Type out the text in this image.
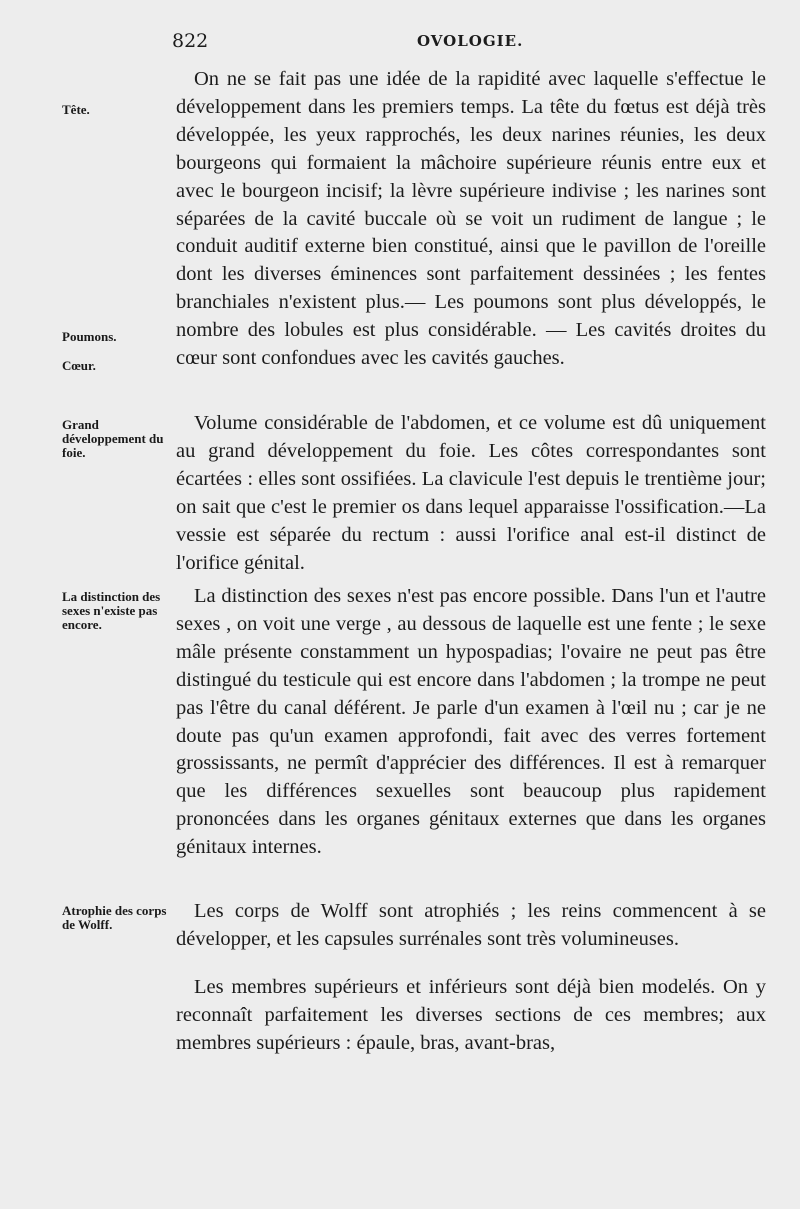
822	OVOLOGIE.
Tête.
Poumons.
Cœur.
Grand développement du foie.
La distinction des sexes n'existe pas encore.
Atrophie des corps de Wolff.

On ne se fait pas une idée de la rapidité avec laquelle s'effectue le développement dans les premiers temps. La tête du fœtus est déjà très développée, les yeux rapprochés, les deux narines réunies, les deux bourgeons qui formaient la mâchoire supérieure réunis entre eux et avec le bourgeon incisif; la lèvre supérieure indivise ; les narines sont séparées de la cavité buccale où se voit un rudiment de langue ; le conduit auditif externe bien constitué, ainsi que le pavillon de l'oreille dont les diverses éminences sont parfaitement dessinées ; les fentes branchiales n'existent plus.— Les poumons sont plus développés, le nombre des lobules est plus considérable. — Les cavités droites du cœur sont confondues avec les cavités gauches.

Volume considérable de l'abdomen, et ce volume est dû uniquement au grand développement du foie. Les côtes correspondantes sont écartées : elles sont ossifiées. La clavicule l'est depuis le trentième jour; on sait que c'est le premier os dans lequel apparaisse l'ossification.—La vessie est séparée du rectum : aussi l'orifice anal est-il distinct de l'orifice génital.

La distinction des sexes n'est pas encore possible. Dans l'un et l'autre sexes , on voit une verge , au dessous de laquelle est une fente ; le sexe mâle présente constamment un hypospadias; l'ovaire ne peut pas être distingué du testicule qui est encore dans l'abdomen ; la trompe ne peut pas l'être du canal déférent. Je parle d'un examen à l'œil nu ; car je ne doute pas qu'un examen approfondi, fait avec des verres fortement grossissants, ne permît d'apprécier des différences. Il est à remarquer que les différences sexuelles sont beaucoup plus rapidement prononcées dans les organes génitaux externes que dans les organes génitaux internes.

Les corps de Wolff sont atrophiés ; les reins commencent à se développer, et les capsules surrénales sont très volumineuses.

Les membres supérieurs et inférieurs sont déjà bien modelés. On y reconnaît parfaitement les diverses sections de ces membres; aux membres supérieurs : épaule, bras, avant-bras,
